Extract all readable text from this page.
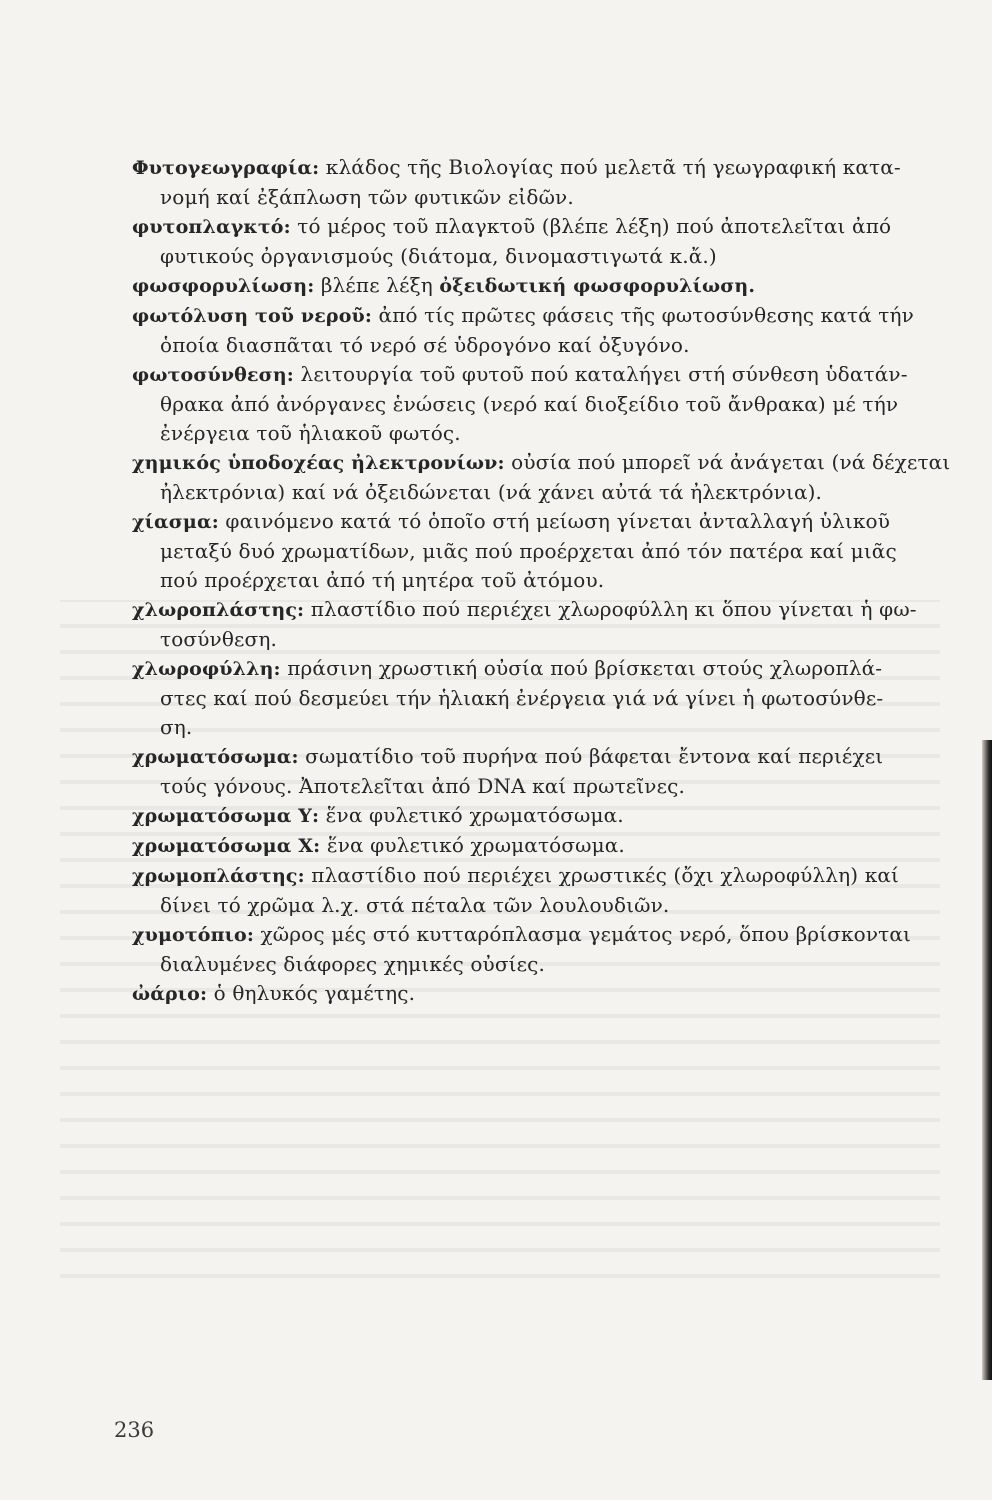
Φυτογεωγραφία: κλάδος τῆς Βιολογίας πού μελετᾶ τή γεωγραφική κατα-
νομή καί ἐξάπλωση τῶν φυτικῶν εἰδῶν.
φυτοπλαγκτό: τό μέρος τοῦ πλαγκτοῦ (βλέπε λέξη) πού ἀποτελεῖται ἀπό
φυτικούς ὀργανισμούς (διάτομα, δινομαστιγωτά κ.ἄ.)
φωσφορυλίωση: βλέπε λέξη ὀξειδωτική φωσφορυλίωση.
φωτόλυση τοῦ νεροῦ: ἀπό τίς πρῶτες φάσεις τῆς φωτοσύνθεσης κατά τήν
ὁποία διασπᾶται τό νερό σέ ὑδρογόνο καί ὀξυγόνο.
φωτοσύνθεση: λειτουργία τοῦ φυτοῦ πού καταλήγει στή σύνθεση ὑδατάν-
θρακα ἀπό ἀνόργανες ἑνώσεις (νερό καί διοξείδιο τοῦ ἄνθρακα) μέ τήν
ἐνέργεια τοῦ ἡλιακοῦ φωτός.
χημικός ὑποδοχέας ἠλεκτρονίων: οὐσία πού μπορεῖ νά ἀνάγεται (νά δέχεται
ἠλεκτρόνια) καί νά ὀξειδώνεται (νά χάνει αὐτά τά ἠλεκτρόνια).
χίασμα: φαινόμενο κατά τό ὁποῖο στή μείωση γίνεται ἀνταλλαγή ὑλικοῦ
μεταξύ δυό χρωματίδων, μιᾶς πού προέρχεται ἀπό τόν πατέρα καί μιᾶς
πού προέρχεται ἀπό τή μητέρα τοῦ ἀτόμου.
χλωροπλάστης: πλαστίδιο πού περιέχει χλωροφύλλη κι ὅπου γίνεται ἡ φω-
τοσύνθεση.
χλωροφύλλη: πράσινη χρωστική οὐσία πού βρίσκεται στούς χλωροπλά-
στες καί πού δεσμεύει τήν ἡλιακή ἐνέργεια γιά νά γίνει ἡ φωτοσύνθε-
ση.
χρωματόσωμα: σωματίδιο τοῦ πυρήνα πού βάφεται ἔντονα καί περιέχει
τούς γόνους. Ἀποτελεῖται ἀπό DNA καί πρωτεῖνες.
χρωματόσωμα Υ: ἕνα φυλετικό χρωματόσωμα.
χρωματόσωμα Χ: ἕνα φυλετικό χρωματόσωμα.
χρωμοπλάστης: πλαστίδιο πού περιέχει χρωστικές (ὄχι χλωροφύλλη) καί
δίνει τό χρῶμα λ.χ. στά πέταλα τῶν λουλουδιῶν.
χυμοτόπιο: χῶρος μές στό κυτταρόπλασμα γεμάτος νερό, ὅπου βρίσκονται
διαλυμένες διάφορες χημικές οὐσίες.
ὠάριο: ὁ θηλυκός γαμέτης.
236
